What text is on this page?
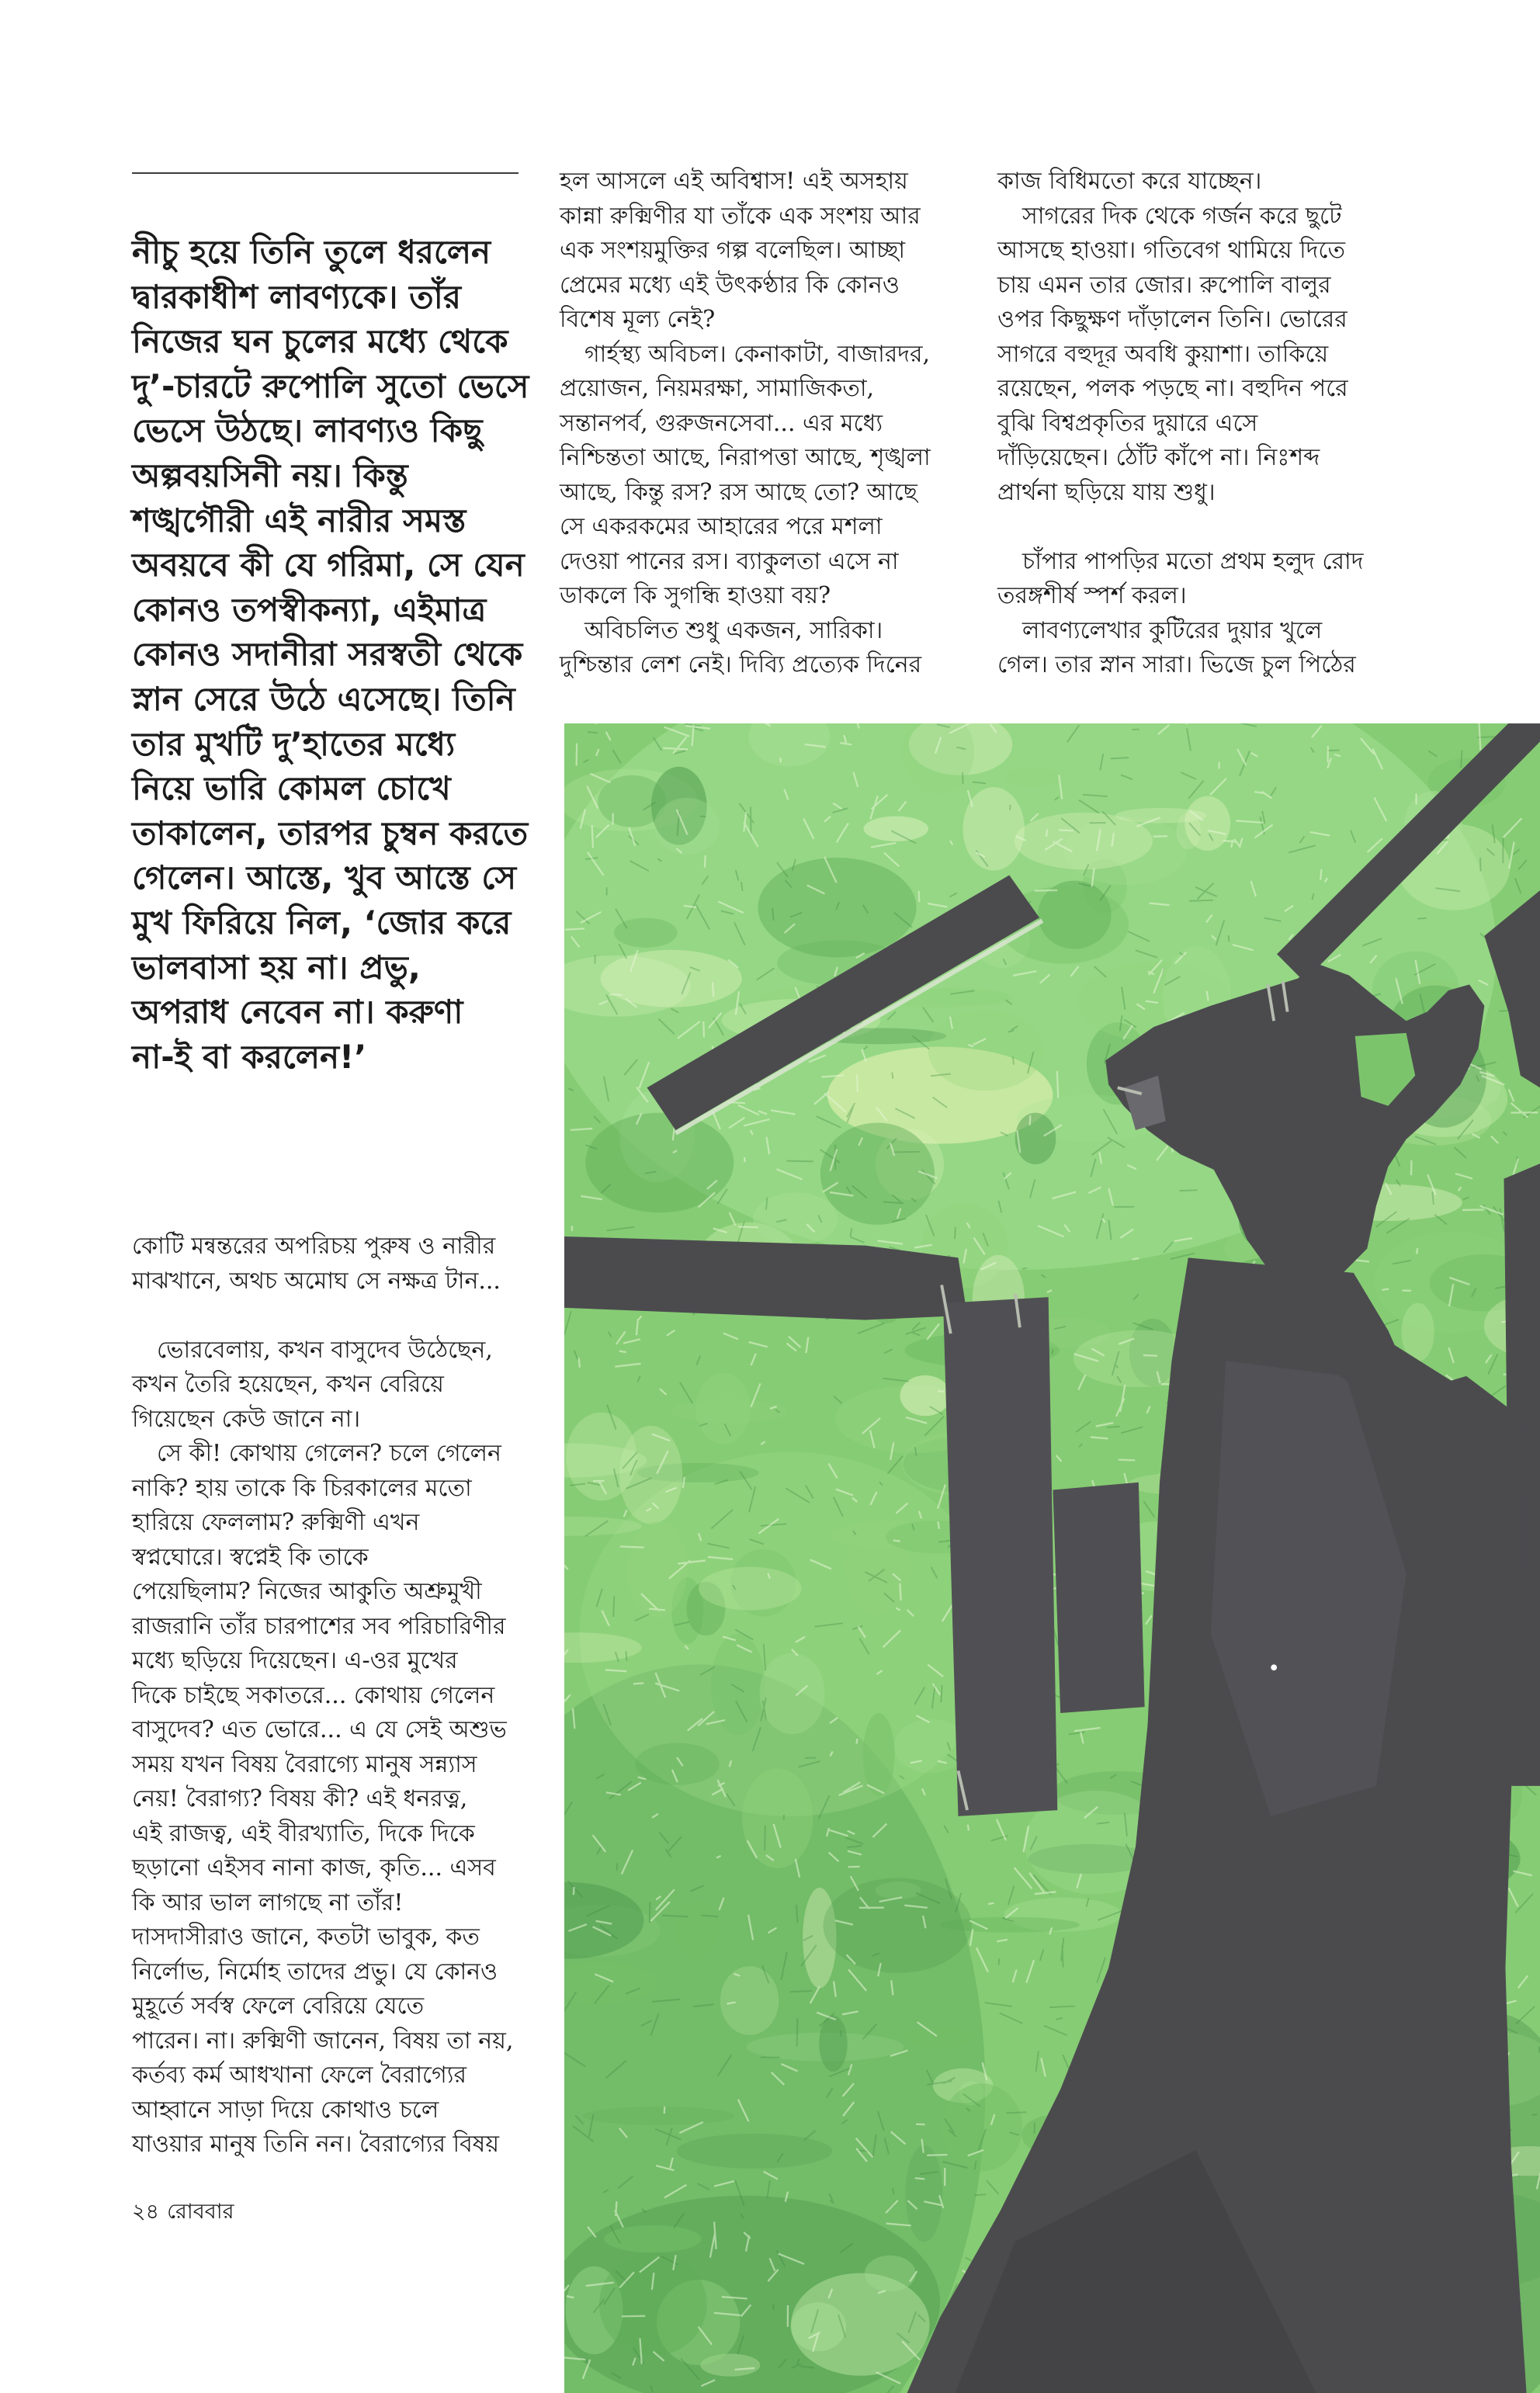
নীচু হয়ে তিনি তুলে ধরলেন
দ্বারকাধীশ লাবণ্যকে। তাঁর
নিজের ঘন চুলের মধ্যে থেকে
দু’-চারটে রুপোলি সুতো ভেসে
ভেসে উঠছে। লাবণ্যও কিছু
অল্পবয়সিনী নয়। কিন্তু
শঙ্খগৌরী এই নারীর সমস্ত
অবয়বে কী যে গরিমা, সে যেন
কোনও তপস্বীকন্যা, এইমাত্র
কোনও সদানীরা সরস্বতী থেকে
স্নান সেরে উঠে এসেছে। তিনি
তার মুখটি দু’হাতের মধ্যে
নিয়ে ভারি কোমল চোখে
তাকালেন, তারপর চুম্বন করতে
গেলেন। আস্তে, খুব আস্তে সে
মুখ ফিরিয়ে নিল, ‘জোর করে
ভালবাসা হয় না। প্রভু,
অপরাধ নেবেন না। করুণা
না-ই বা করলেন!’
কোটি মন্বন্তরের অপরিচয় পুরুষ ও নারীর
মাঝখানে, অথচ অমোঘ সে নক্ষত্র টান...
ভোরবেলায়, কখন বাসুদেব উঠেছেন,
কখন তৈরি হয়েছেন, কখন বেরিয়ে
গিয়েছেন কেউ জানে না।
সে কী! কোথায় গেলেন? চলে গেলেন
নাকি? হায় তাকে কি চিরকালের মতো
হারিয়ে ফেললাম? রুক্মিণী এখন
স্বপ্নঘোরে। স্বপ্নেই কি তাকে
পেয়েছিলাম? নিজের আকুতি অশ্রুমুখী
রাজরানি তাঁর চারপাশের সব পরিচারিণীর
মধ্যে ছড়িয়ে দিয়েছেন। এ-ওর মুখের
দিকে চাইছে সকাতরে... কোথায় গেলেন
বাসুদেব? এত ভোরে... এ যে সেই অশুভ
সময় যখন বিষয় বৈরাগ্যে মানুষ সন্ন্যাস
নেয়! বৈরাগ্য? বিষয় কী? এই ধনরত্ন,
এই রাজত্ব, এই বীরখ্যাতি, দিকে দিকে
ছড়ানো এইসব নানা কাজ, কৃতি... এসব
কি আর ভাল লাগছে না তাঁর!
দাসদাসীরাও জানে, কতটা ভাবুক, কত
নির্লোভ, নির্মোহ তাদের প্রভু। যে কোনও
মুহূর্তে সর্বস্ব ফেলে বেরিয়ে যেতে
পারেন। না। রুক্মিণী জানেন, বিষয় তা নয়,
কর্তব্য কর্ম আধখানা ফেলে বৈরাগ্যের
আহ্বানে সাড়া দিয়ে কোথাও চলে
যাওয়ার মানুষ তিনি নন। বৈরাগ্যের বিষয়
হল আসলে এই অবিশ্বাস! এই অসহায়
কান্না রুক্মিণীর যা তাঁকে এক সংশয় আর
এক সংশয়মুক্তির গল্প বলেছিল। আচ্ছা
প্রেমের মধ্যে এই উৎকণ্ঠার কি কোনও
বিশেষ মূল্য নেই?
গার্হস্থ্য অবিচল। কেনাকাটা, বাজারদর,
প্রয়োজন, নিয়মরক্ষা, সামাজিকতা,
সন্তানপর্ব, গুরুজনসেবা... এর মধ্যে
নিশ্চিন্ততা আছে, নিরাপত্তা আছে, শৃঙ্খলা
আছে, কিন্তু রস? রস আছে তো? আছে
সে একরকমের আহারের পরে মশলা
দেওয়া পানের রস। ব্যাকুলতা এসে না
ডাকলে কি সুগন্ধি হাওয়া বয়?
অবিচলিত শুধু একজন, সারিকা।
দুশ্চিন্তার লেশ নেই। দিব্যি প্রত্যেক দিনের
কাজ বিধিমতো করে যাচ্ছেন।
সাগরের দিক থেকে গর্জন করে ছুটে
আসছে হাওয়া। গতিবেগ থামিয়ে দিতে
চায় এমন তার জোর। রুপোলি বালুর
ওপর কিছুক্ষণ দাঁড়ালেন তিনি। ভোরের
সাগরে বহুদূর অবধি কুয়াশা। তাকিয়ে
রয়েছেন, পলক পড়ছে না। বহুদিন পরে
বুঝি বিশ্বপ্রকৃতির দুয়ারে এসে
দাঁড়িয়েছেন। ঠোঁট কাঁপে না। নিঃশব্দ
প্রার্থনা ছড়িয়ে যায় শুধু।
চাঁপার পাপড়ির মতো প্রথম হলুদ রোদ
তরঙ্গশীর্ষ স্পর্শ করল।
লাবণ্যলেখার কুটিরের দুয়ার খুলে
গেল। তার স্নান সারা। ভিজে চুল পিঠের
২৪ রোববার
